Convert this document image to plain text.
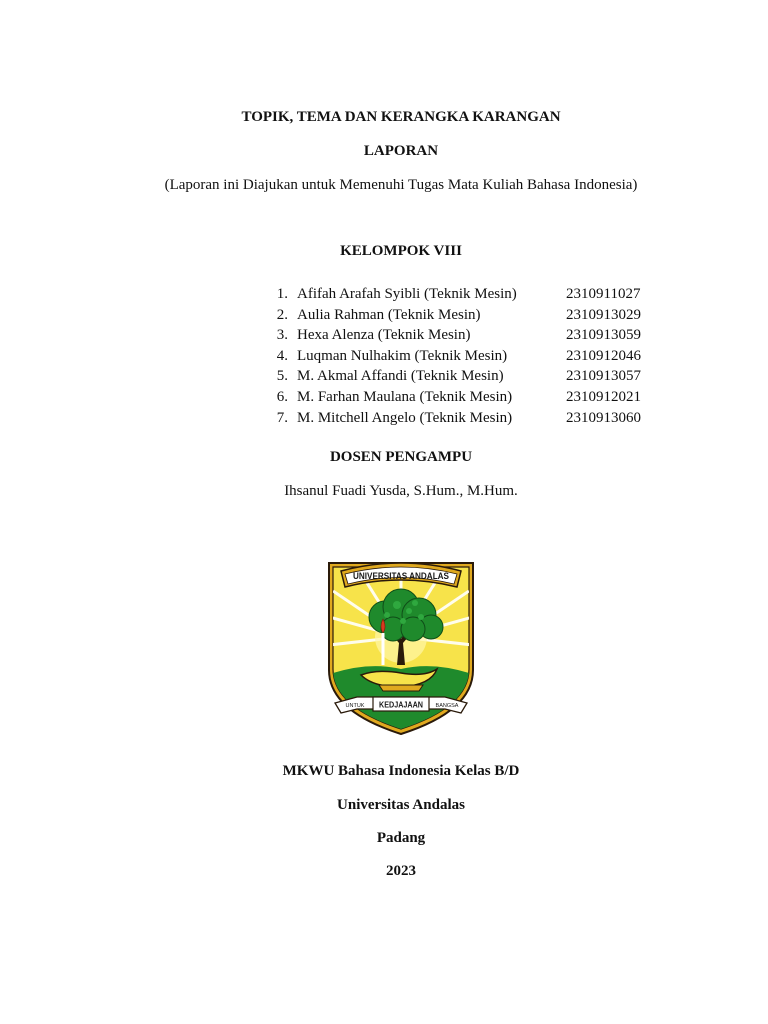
TOPIK, TEMA DAN KERANGKA KARANGAN
LAPORAN
(Laporan ini Diajukan untuk Memenuhi Tugas Mata Kuliah Bahasa Indonesia)
KELOMPOK VIII
1. Afifah Arafah Syibli (Teknik Mesin)	2310911027
2. Aulia Rahman (Teknik Mesin)	2310913029
3. Hexa Alenza (Teknik Mesin)	2310913059
4. Luqman Nulhakim (Teknik Mesin)	2310912046
5. M. Akmal Affandi (Teknik Mesin)	2310913057
6. M. Farhan Maulana (Teknik Mesin)	2310912021
7. M. Mitchell Angelo (Teknik Mesin)	2310913060
DOSEN PENGAMPU
Ihsanul Fuadi Yusda, S.Hum., M.Hum.
UNIVERSITAS ANDALAS
KEDJAJAAN
UNTUK	BANGSA
MKWU Bahasa Indonesia Kelas B/D
Universitas Andalas
Padang
2023
